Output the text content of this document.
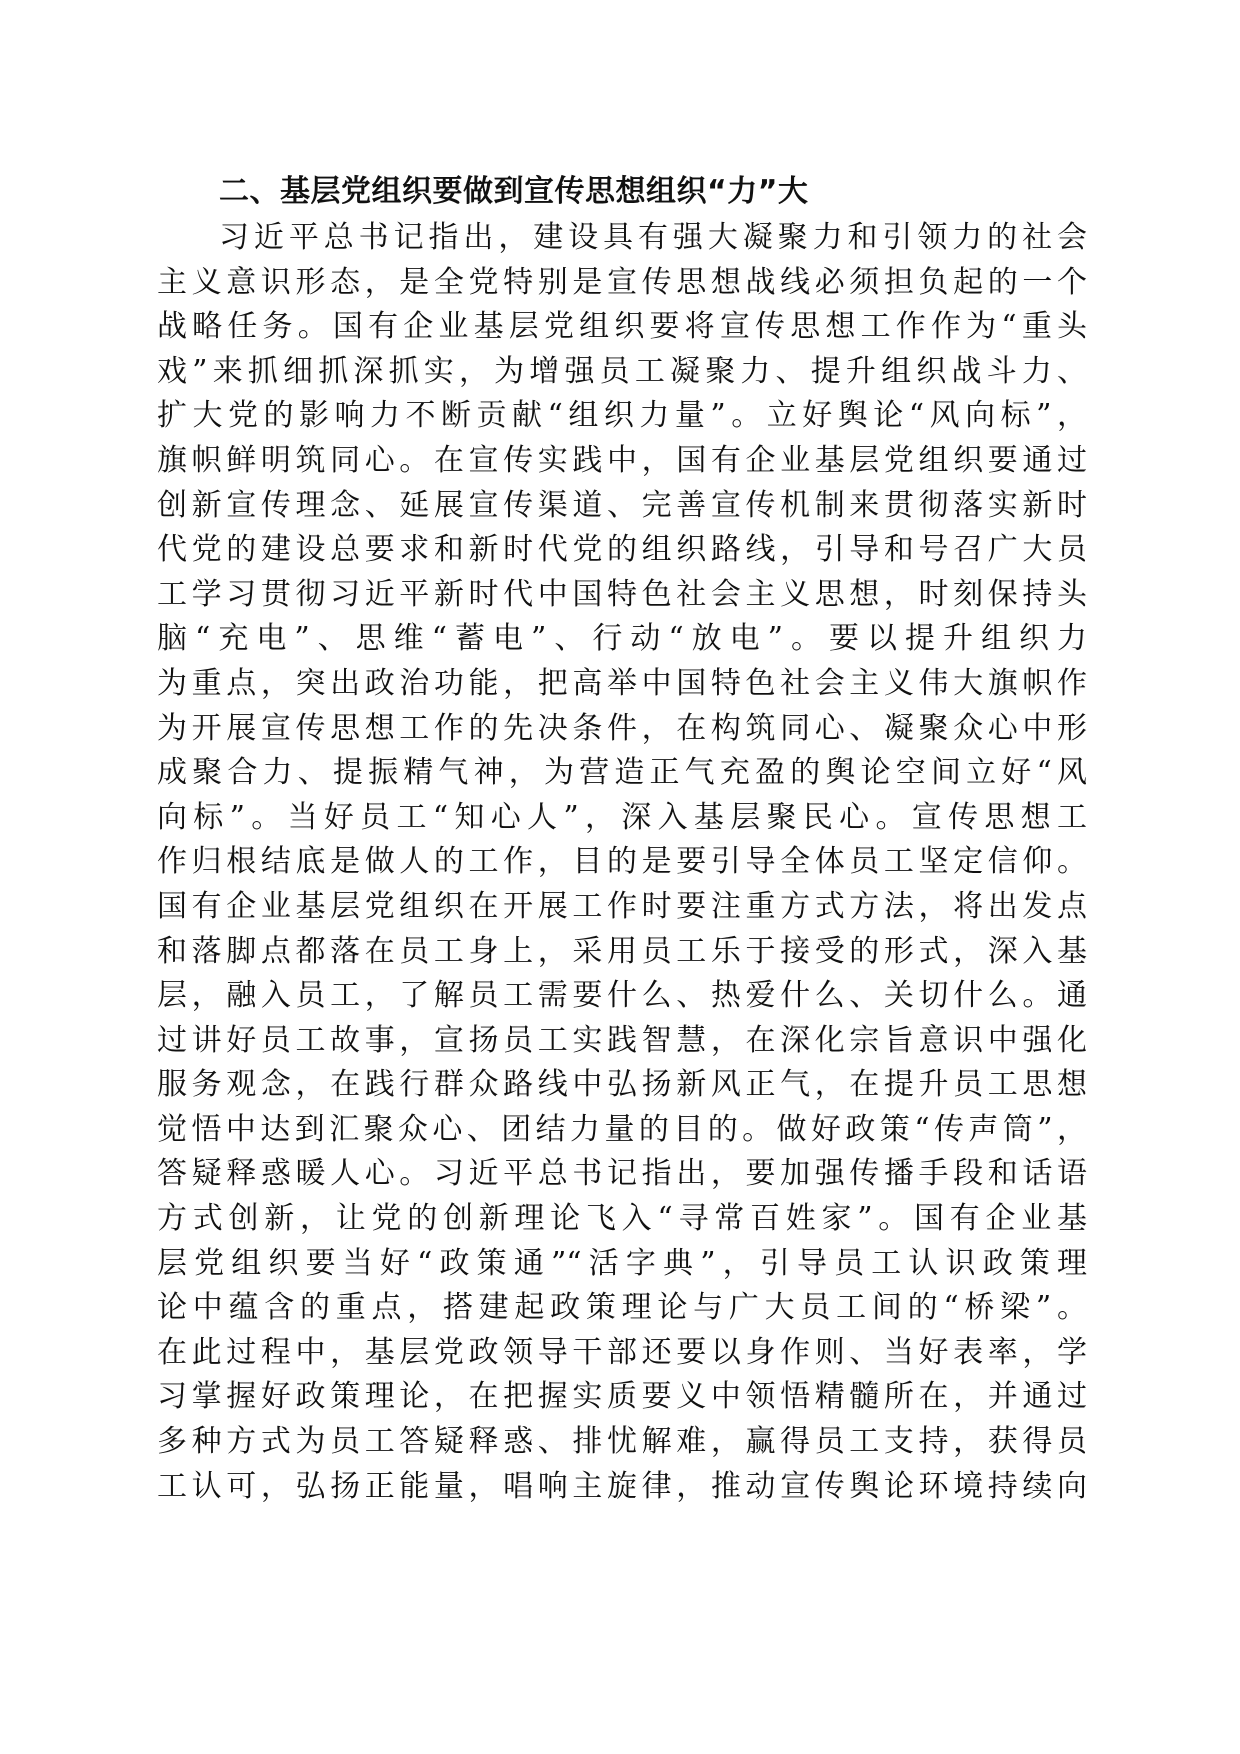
二、基层党组织要做到宣传思想组织“力”大
习近平总书记指出，建设具有强大凝聚力和引领力的社会
主义意识形态，是全党特别是宣传思想战线必须担负起的一个
战略任务。国有企业基层党组织要将宣传思想工作作为“重头
戏”来抓细抓深抓实，为增强员工凝聚力、提升组织战斗力、
扩大党的影响力不断贡献“组织力量”。立好舆论“风向标”，
旗帜鲜明筑同心。在宣传实践中，国有企业基层党组织要通过
创新宣传理念、延展宣传渠道、完善宣传机制来贯彻落实新时
代党的建设总要求和新时代党的组织路线，引导和号召广大员
工学习贯彻习近平新时代中国特色社会主义思想，时刻保持头
脑“充电”、思维“蓄电”、行动“放电”。要以提升组织力
为重点，突出政治功能，把高举中国特色社会主义伟大旗帜作
为开展宣传思想工作的先决条件，在构筑同心、凝聚众心中形
成聚合力、提振精气神，为营造正气充盈的舆论空间立好“风
向标”。当好员工“知心人”，深入基层聚民心。宣传思想工
作归根结底是做人的工作，目的是要引导全体员工坚定信仰。
国有企业基层党组织在开展工作时要注重方式方法，将出发点
和落脚点都落在员工身上，采用员工乐于接受的形式，深入基
层，融入员工，了解员工需要什么、热爱什么、关切什么。通
过讲好员工故事，宣扬员工实践智慧，在深化宗旨意识中强化
服务观念，在践行群众路线中弘扬新风正气，在提升员工思想
觉悟中达到汇聚众心、团结力量的目的。做好政策“传声筒”，
答疑释惑暖人心。习近平总书记指出，要加强传播手段和话语
方式创新，让党的创新理论飞入“寻常百姓家”。国有企业基
层党组织要当好“政策通”“活字典”，引导员工认识政策理
论中蕴含的重点，搭建起政策理论与广大员工间的“桥梁”。
在此过程中，基层党政领导干部还要以身作则、当好表率，学
习掌握好政策理论，在把握实质要义中领悟精髓所在，并通过
多种方式为员工答疑释惑、排忧解难，赢得员工支持，获得员
工认可，弘扬正能量，唱响主旋律，推动宣传舆论环境持续向
